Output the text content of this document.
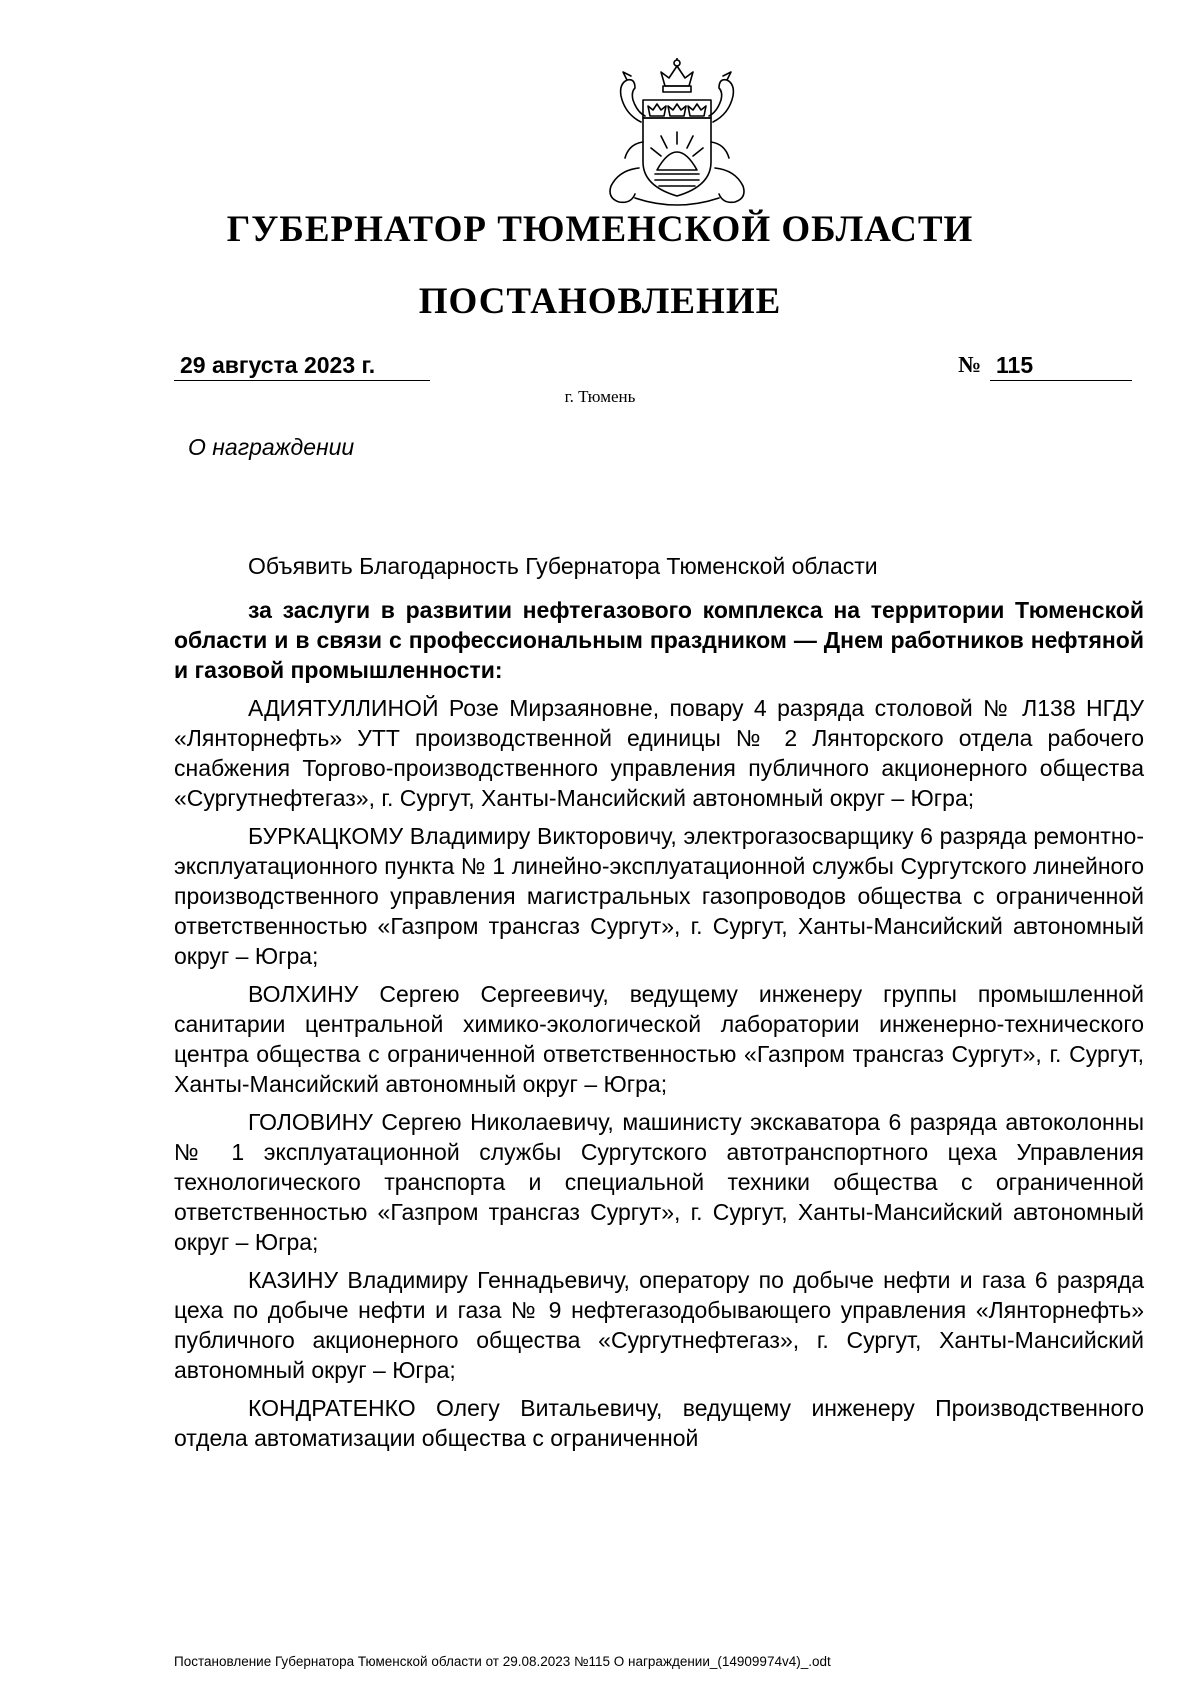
ГУБЕРНАТОР ТЮМЕНСКОЙ ОБЛАСТИ
ПОСТАНОВЛЕНИЕ
29 августа 2023 г.	№ 115
г. Тюмень
О награждении

Объявить Благодарность Губернатора Тюменской области

за заслуги в развитии нефтегазового комплекса на территории Тюменской области и в связи с профессиональным праздником — Днем работников нефтяной и газовой промышленности:

АДИЯТУЛЛИНОЙ Розе Мирзаяновне, повару 4 разряда столовой № Л138 НГДУ «Лянторнефть» УТТ производственной единицы № 2 Лянторского отдела рабочего снабжения Торгово-производственного управления публичного акционерного общества «Сургутнефтегаз», г. Сургут, Ханты-Мансийский автономный округ – Югра;

БУРКАЦКОМУ Владимиру Викторовичу, электрогазосварщику 6 разряда ремонтно-эксплуатационного пункта № 1 линейно-эксплуатационной службы Сургутского линейного производственного управления магистральных газопроводов общества с ограниченной ответственностью «Газпром трансгаз Сургут», г. Сургут, Ханты-Мансийский автономный округ – Югра;

ВОЛХИНУ Сергею Сергеевичу, ведущему инженеру группы промышленной санитарии центральной химико-экологической лаборатории инженерно-технического центра общества с ограниченной ответственностью «Газпром трансгаз Сургут», г. Сургут, Ханты-Мансийский автономный округ – Югра;

ГОЛОВИНУ Сергею Николаевичу, машинисту экскаватора 6 разряда автоколонны № 1 эксплуатационной службы Сургутского автотранспортного цеха Управления технологического транспорта и специальной техники общества с ограниченной ответственностью «Газпром трансгаз Сургут», г. Сургут, Ханты-Мансийский автономный округ – Югра;

КАЗИНУ Владимиру Геннадьевичу, оператору по добыче нефти и газа 6 разряда цеха по добыче нефти и газа № 9 нефтегазодобывающего управления «Лянторнефть» публичного акционерного общества «Сургутнефтегаз», г. Сургут, Ханты-Мансийский автономный округ – Югра;

КОНДРАТЕНКО Олегу Витальевичу, ведущему инженеру Производственного отдела автоматизации общества с ограниченной

Постановление Губернатора Тюменской области от 29.08.2023 №115 О награждении_(14909974v4)_.odt
